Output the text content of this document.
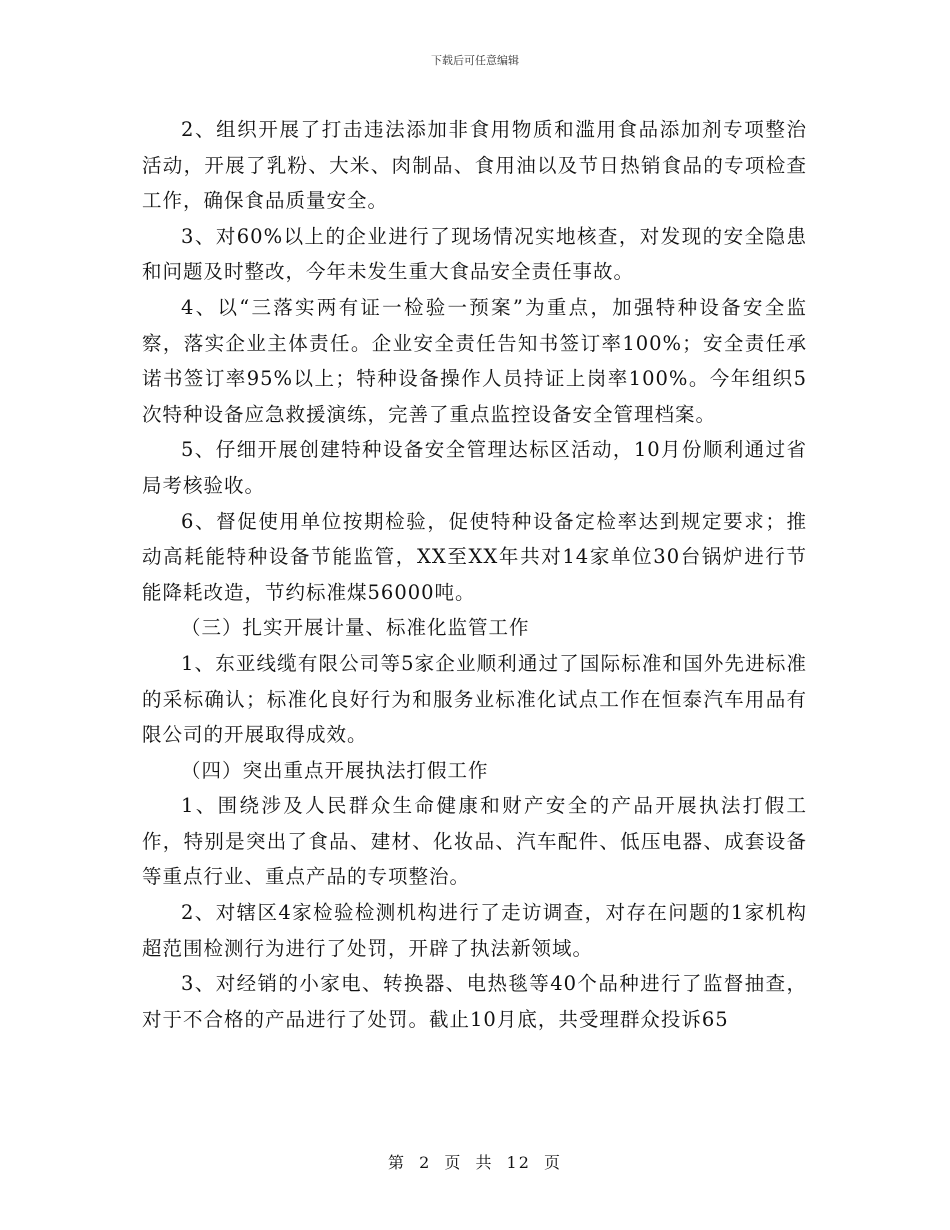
下载后可任意编辑

2、组织开展了打击违法添加非食用物质和滥用食品添加剂专项整治活动，开展了乳粉、大米、肉制品、食用油以及节日热销食品的专项检查工作，确保食品质量安全。

3、对60%以上的企业进行了现场情况实地核查，对发现的安全隐患和问题及时整改，今年未发生重大食品安全责任事故。

4、以“三落实两有证一检验一预案”为重点，加强特种设备安全监察，落实企业主体责任。企业安全责任告知书签订率100%；安全责任承诺书签订率95%以上；特种设备操作人员持证上岗率100%。今年组织5次特种设备应急救援演练，完善了重点监控设备安全管理档案。

5、仔细开展创建特种设备安全管理达标区活动，10月份顺利通过省局考核验收。

6、督促使用单位按期检验，促使特种设备定检率达到规定要求；推动高耗能特种设备节能监管，XX至XX年共对14家单位30台锅炉进行节能降耗改造，节约标准煤56000吨。

（三）扎实开展计量、标准化监管工作

1、东亚线缆有限公司等5家企业顺利通过了国际标准和国外先进标准的采标确认；标准化良好行为和服务业标准化试点工作在恒泰汽车用品有限公司的开展取得成效。

（四）突出重点开展执法打假工作

1、围绕涉及人民群众生命健康和财产安全的产品开展执法打假工作，特别是突出了食品、建材、化妆品、汽车配件、低压电器、成套设备等重点行业、重点产品的专项整治。

2、对辖区4家检验检测机构进行了走访调查，对存在问题的1家机构超范围检测行为进行了处罚，开辟了执法新领域。

3、对经销的小家电、转换器、电热毯等40个品种进行了监督抽查，对于不合格的产品进行了处罚。截止10月底，共受理群众投诉65

第 2 页 共 12 页
